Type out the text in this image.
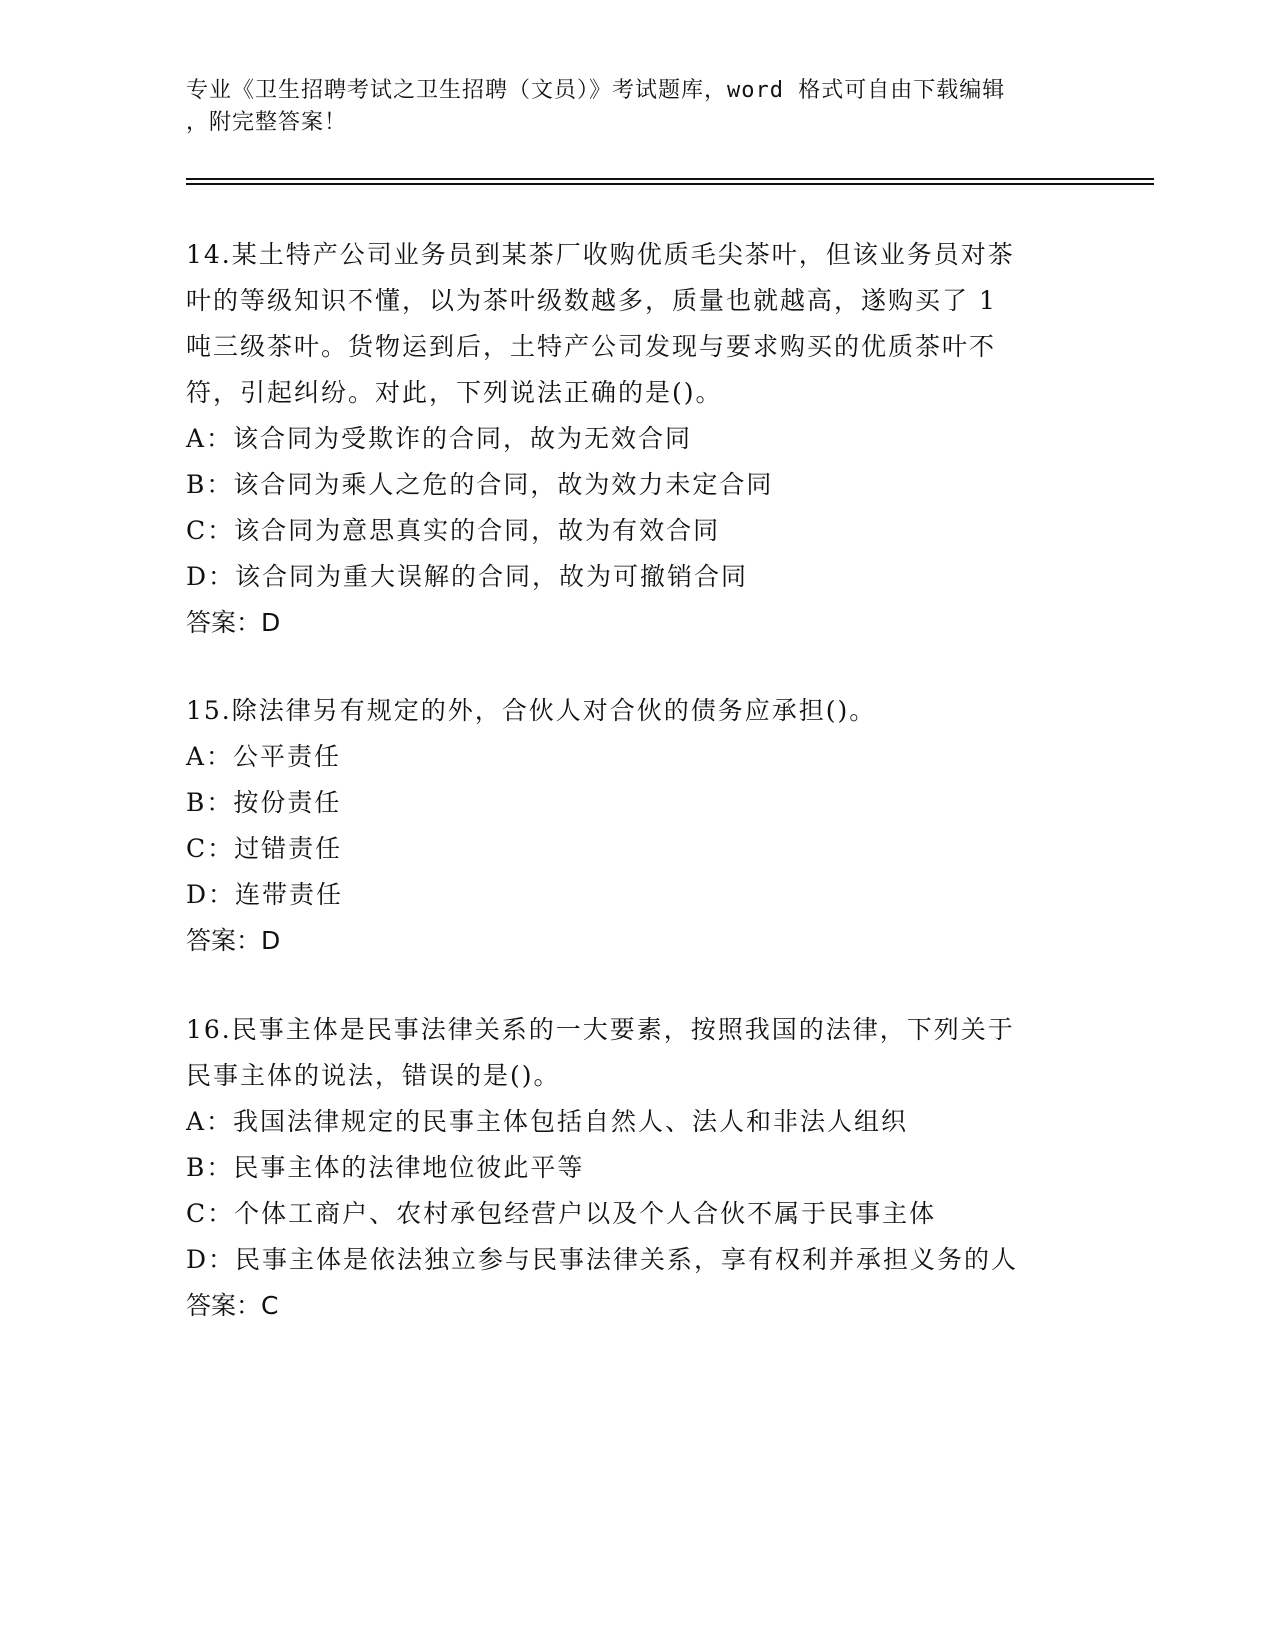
专业《卫生招聘考试之卫生招聘（文员）》考试题库，word 格式可自由下载编辑
，附完整答案！
14.某土特产公司业务员到某茶厂收购优质毛尖茶叶，但该业务员对茶
叶的等级知识不懂，以为茶叶级数越多，质量也就越高，遂购买了 1
吨三级茶叶。货物运到后，土特产公司发现与要求购买的优质茶叶不
符，引起纠纷。对此，下列说法正确的是()。
A：该合同为受欺诈的合同，故为无效合同
B：该合同为乘人之危的合同，故为效力未定合同
C：该合同为意思真实的合同，故为有效合同
D：该合同为重大误解的合同，故为可撤销合同
答案：D
15.除法律另有规定的外，合伙人对合伙的债务应承担()。
A：公平责任
B：按份责任
C：过错责任
D：连带责任
答案：D
16.民事主体是民事法律关系的一大要素，按照我国的法律，下列关于
民事主体的说法，错误的是()。
A：我国法律规定的民事主体包括自然人、法人和非法人组织
B：民事主体的法律地位彼此平等
C：个体工商户、农村承包经营户以及个人合伙不属于民事主体
D：民事主体是依法独立参与民事法律关系，享有权利并承担义务的人
答案：C
